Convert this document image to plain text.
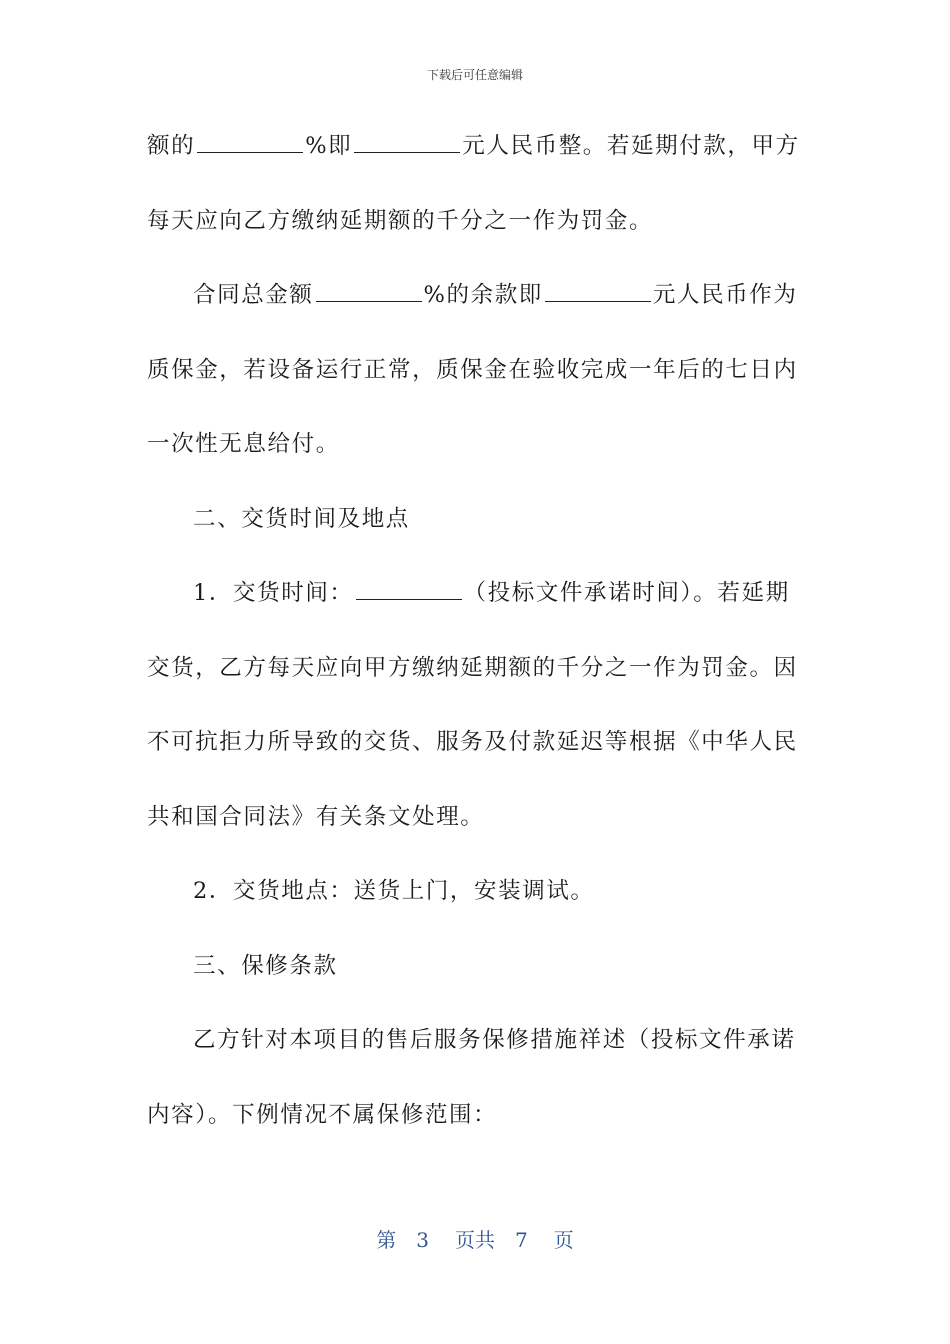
下载后可任意编辑
额的	%即	元人民币整。若延期付款，甲方
每天应向乙方缴纳延期额的千分之一作为罚金。
合同总金额	%的余款即	元人民币作为
质保金，若设备运行正常，质保金在验收完成一年后的七日内
一次性无息给付。
二、交货时间及地点
1．交货时间：	（投标文件承诺时间）。若延期
交货，乙方每天应向甲方缴纳延期额的千分之一作为罚金。因
不可抗拒力所导致的交货、服务及付款延迟等根据《中华人民
共和国合同法》有关条文处理。
2．交货地点：送货上门，安装调试。
三、保修条款
乙方针对本项目的售后服务保修措施祥述（投标文件承诺
内容）。下例情况不属保修范围：
第 3 页共 7 页
